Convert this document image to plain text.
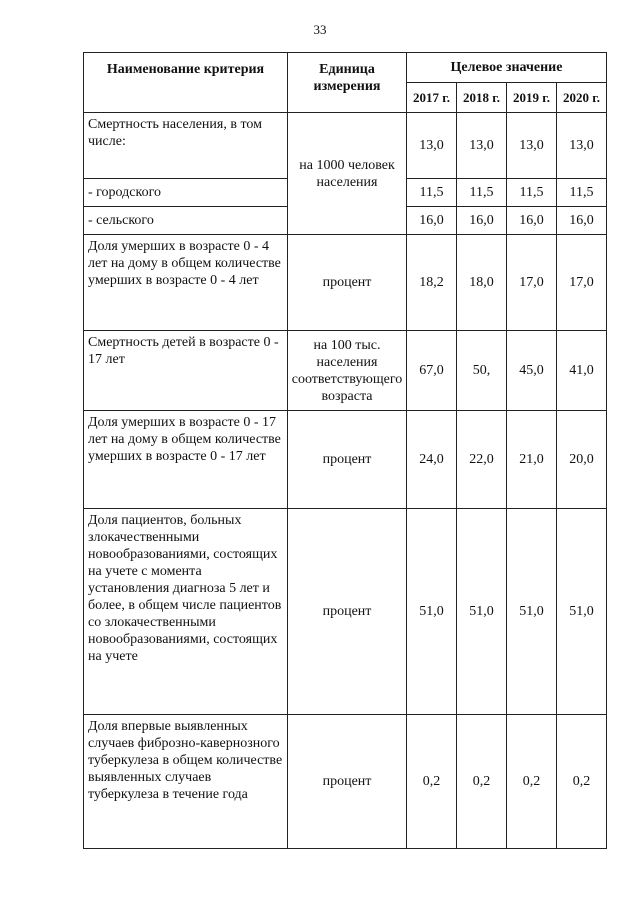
33
Наименование критерия	Единица измерения	Целевое значение			
		2017 г.	2018 г.	2019 г.	2020 г.
Смертность населения, в том числе:	на 1000 человек населения	13,0	13,0	13,0	13,0
- городского		11,5	11,5	11,5	11,5
- сельского		16,0	16,0	16,0	16,0
Доля умерших в возрасте 0 - 4 лет на дому в общем количестве умерших в возрасте 0 - 4 лет	процент	18,2	18,0	17,0	17,0
Смертность детей в возрасте 0 - 17 лет	на 100 тыс. населения соответствующего возраста	67,0	50,	45,0	41,0
Доля умерших в возрасте 0 - 17 лет на дому в общем количестве умерших в возрасте 0 - 17 лет	процент	24,0	22,0	21,0	20,0
Доля пациентов, больных злокачественными новообразованиями, состоящих на учете с момента установления диагноза 5 лет и более, в общем числе пациентов со злокачественными новообразованиями, состоящих на учете	процент	51,0	51,0	51,0	51,0
Доля впервые выявленных случаев фиброзно-кавернозного туберкулеза в общем количестве выявленных случаев туберкулеза в течение года	процент	0,2	0,2	0,2	0,2
